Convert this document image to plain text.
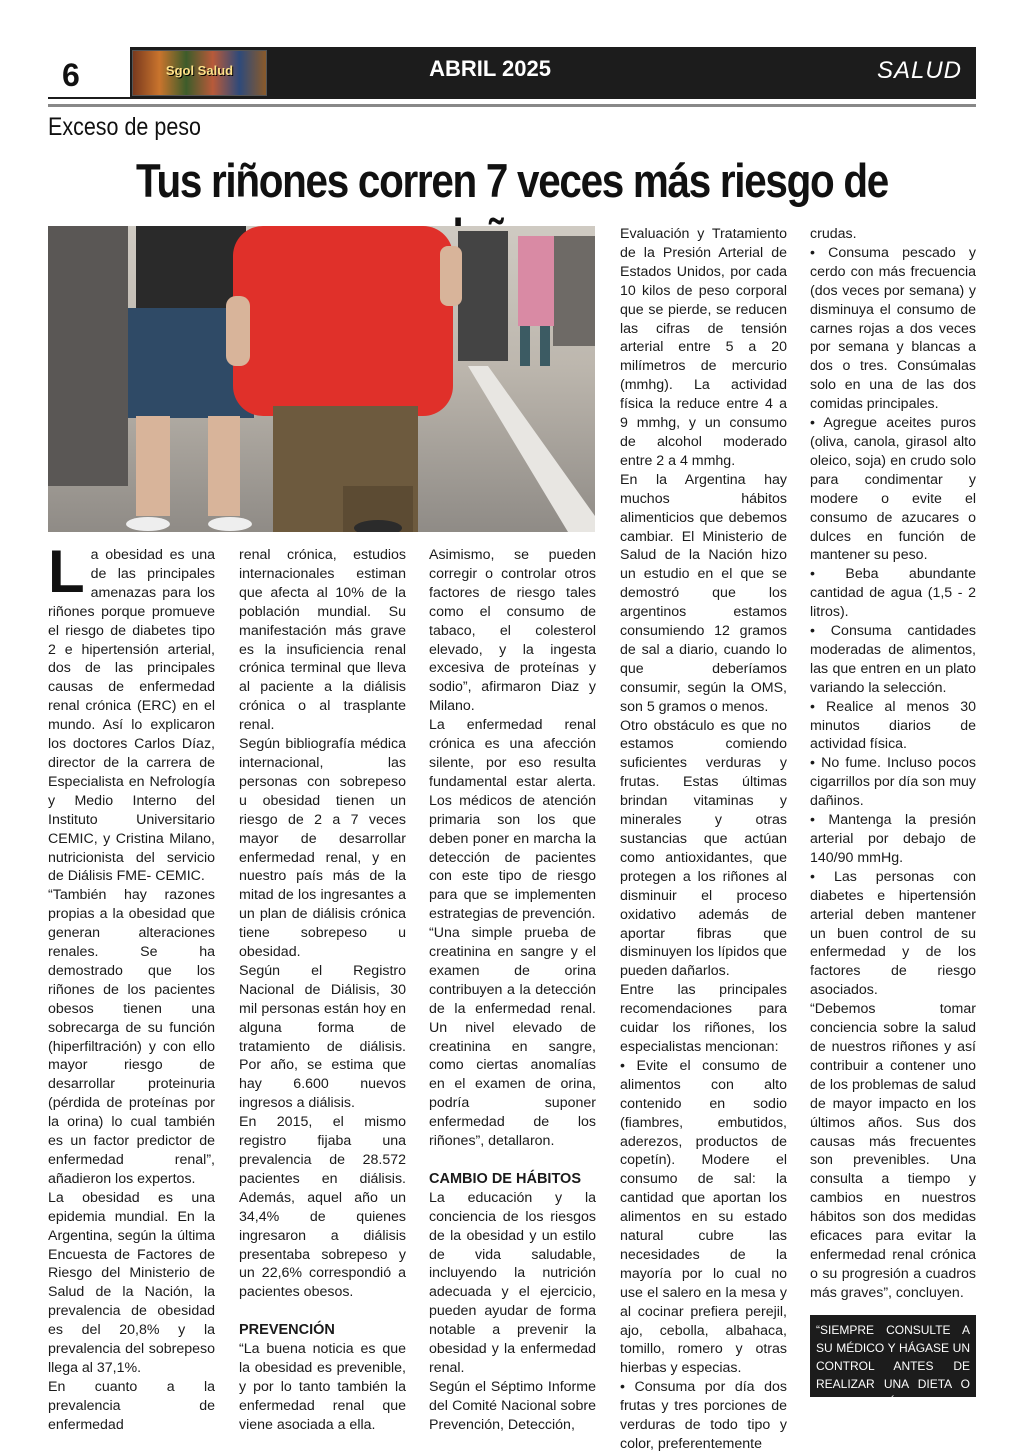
6	Sgol Salud	ABRIL 2025	SALUD
Exceso de peso
Tus riñones corren 7 veces más riesgo de

La obesidad es una de las principales amenazas para los riñones porque promueve el riesgo de diabetes tipo 2 e hipertensión arterial, dos de las principales causas de enfermedad renal crónica (ERC) en el mundo. Así lo explicaron los doctores Carlos Díaz, director de la carrera de Especialista en Nefrología y Medio Interno del Instituto Universitario CEMIC, y Cristina Milano, nutricionista del servicio de Diálisis FME- CEMIC.

“También hay razones propias a la obesidad que generan alteraciones renales. Se ha demostrado que los riñones de los pacientes obesos tienen una sobrecarga de su función (hiperfiltración) y con ello mayor riesgo de desarrollar proteinuria (pérdida de proteínas por la orina) lo cual también es un factor predictor de enfermedad renal”, añadieron los expertos.

La obesidad es una epidemia mundial. En la Argentina, según la última Encuesta de Factores de Riesgo del Ministerio de Salud de la Nación, la prevalencia de obesidad es del 20,8% y la prevalencia del sobrepeso llega al 37,1%.

En cuanto a la prevalencia de enfermedad

renal crónica, estudios internacionales estiman que afecta al 10% de la población mundial. Su manifestación más grave es la insuficiencia renal crónica terminal que lleva al paciente a la diálisis crónica o al trasplante renal.

Según bibliografía médica internacional, las personas con sobrepeso u obesidad tienen un riesgo de 2 a 7 veces mayor de desarrollar enfermedad renal, y en nuestro país más de la mitad de los ingresantes a un plan de diálisis crónica tiene sobrepeso u obesidad.

Según el Registro Nacional de Diálisis, 30 mil personas están hoy en alguna forma de tratamiento de diálisis. Por año, se estima que hay 6.600 nuevos ingresos a diálisis.

En 2015, el mismo registro fijaba una prevalencia de 28.572 pacientes en diálisis. Además, aquel año un 34,4% de quienes ingresaron a diálisis presentaba sobrepeso y un 22,6% correspondió a pacientes obesos.

PREVENCIÓN

“La buena noticia es que la obesidad es prevenible, y por lo tanto también la enfermedad renal que viene asociada a ella.

Asimismo, se pueden corregir o controlar otros factores de riesgo tales como el consumo de tabaco, el colesterol elevado, y la ingesta excesiva de proteínas y sodio”, afirmaron Diaz y Milano.

La enfermedad renal crónica es una afección silente, por eso resulta fundamental estar alerta. Los médicos de atención primaria son los que deben poner en marcha la detección de pacientes con este tipo de riesgo para que se implementen estrategias de prevención.

“Una simple prueba de creatinina en sangre y el examen de orina contribuyen a la detección de la enfermedad renal. Un nivel elevado de creatinina en sangre, como ciertas anomalías en el examen de orina, podría suponer enfermedad de los riñones”, detallaron.

CAMBIO DE HÁBITOS

La educación y la conciencia de los riesgos de la obesidad y un estilo de vida saludable, incluyendo la nutrición adecuada y el ejercicio, pueden ayudar de forma notable a prevenir la obesidad y la enfermedad renal.

Según el Séptimo Informe del Comité Nacional sobre Prevención, Detección,

Evaluación y Tratamiento de la Presión Arterial de Estados Unidos, por cada 10 kilos de peso corporal que se pierde, se reducen las cifras de tensión arterial entre 5 a 20 milímetros de mercurio (mmhg). La actividad física la reduce entre 4 a 9 mmhg, y un consumo de alcohol moderado entre 2 a 4 mmhg.

En la Argentina hay muchos hábitos alimenticios que debemos cambiar. El Ministerio de Salud de la Nación hizo un estudio en el que se demostró que los argentinos estamos consumiendo 12 gramos de sal a diario, cuando lo que deberíamos consumir, según la OMS, son 5 gramos o menos.

Otro obstáculo es que no estamos comiendo suficientes verduras y frutas. Estas últimas brindan vitaminas y minerales y otras sustancias que actúan como antioxidantes, que protegen a los riñones al disminuir el proceso oxidativo además de aportar fibras que disminuyen los lípidos que pueden dañarlos.

Entre las principales recomendaciones para cuidar los riñones, los especialistas mencionan:

• Evite el consumo de alimentos con alto contenido en sodio (fiambres, embutidos, aderezos, productos de copetín). Modere el consumo de sal: la cantidad que aportan los alimentos en su estado natural cubre las necesidades de la mayoría por lo cual no use el salero en la mesa y al cocinar prefiera perejil, ajo, cebolla, albahaca, tomillo, romero y otras hierbas y especias.

• Consuma por día dos frutas y tres porciones de verduras de todo tipo y color, preferentemente

crudas.

• Consuma pescado y cerdo con más frecuencia (dos veces por semana) y disminuya el consumo de carnes rojas a dos veces por semana y blancas a dos o tres. Consúmalas solo en una de las dos comidas principales.

• Agregue aceites puros (oliva, canola, girasol alto oleico, soja) en crudo solo para condimentar y modere o evite el consumo de azucares o dulces en función de mantener su peso.

• Beba abundante cantidad de agua (1,5 - 2 litros).

• Consuma cantidades moderadas de alimentos, las que entren en un plato variando la selección.

• Realice al menos 30 minutos diarios de actividad física.

• No fume. Incluso pocos cigarrillos por día son muy dañinos.

• Mantenga la presión arterial por debajo de 140/90 mmHg.

• Las personas con diabetes e hipertensión arterial deben mantener un buen control de su enfermedad y de los factores de riesgo asociados.

“Debemos tomar conciencia sobre la salud de nuestros riñones y así contribuir a contener uno de los problemas de salud de mayor impacto en los últimos años. Sus dos causas más frecuentes son prevenibles. Una consulta a tiempo y cambios en nuestros hábitos son dos medidas eficaces para evitar la enfermedad renal crónica o su progresión a cuadros más graves”, concluyen.

“SIEMPRE CONSULTE A SU MÉDICO Y HÁGASE UN CONTROL ANTES DE REALIZAR UNA DIETA O ACTIVIDAD FÍSICA”
